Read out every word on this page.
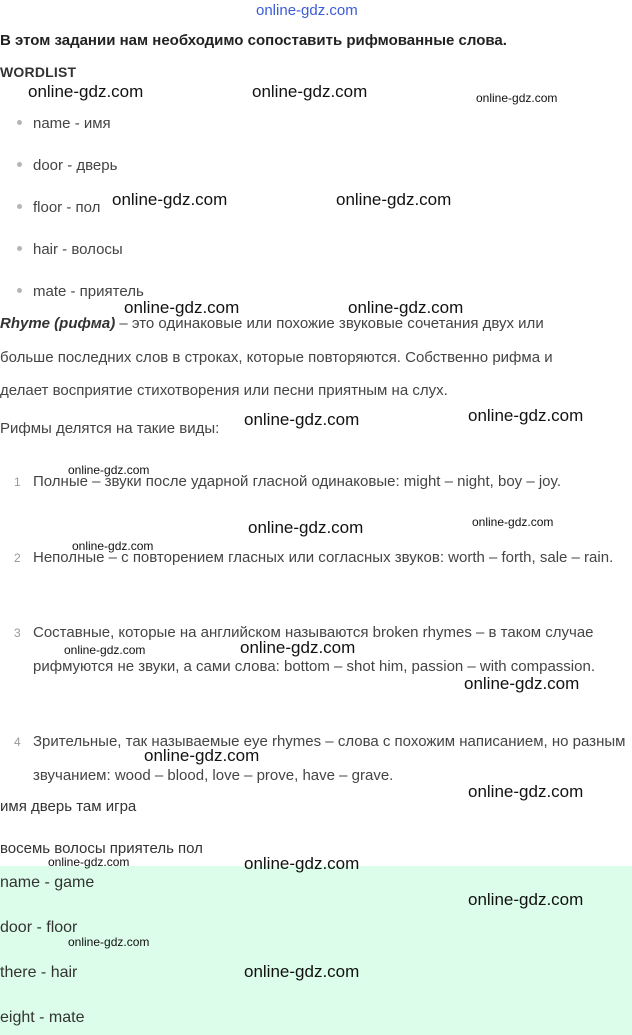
online-gdz.com
В этом задании нам необходимо сопоставить рифмованные слова.
WORDLIST
name - имя
door - дверь
floor - пол
hair - волосы
mate - приятель
Rhyme (рифма) – это одинаковые или похожие звуковые сочетания двух или
больше последних слов в строках, которые повторяются. Собственно рифма и
делает восприятие стихотворения или песни приятным на слух.
Рифмы делятся на такие виды:
1 Полные – звуки после ударной гласной одинаковые: might – night, boy – joy.
2 Неполные – с повторением гласных или согласных звуков: worth – forth, sale – rain.
3 Составные, которые на английском называются broken rhymes – в таком случае рифмуются не звуки, а сами слова: bottom – shot him, passion – with compassion.
4 Зрительные, так называемые eye rhymes – слова с похожим написанием, но разным звучанием: wood – blood, love – prove, have – grave.
имя дверь там игра
восемь волосы приятель пол
name - game
door - floor
there - hair
eight - mate
online-gdz.com	online-gdz.com	online-gdz.com
online-gdz.com	online-gdz.com
online-gdz.com	online-gdz.com
online-gdz.com	online-gdz.com
online-gdz.com
online-gdz.com	online-gdz.com
online-gdz.com
online-gdz.com
online-gdz.com
online-gdz.com
online-gdz.com
online-gdz.com
online-gdz.com	online-gdz.com
online-gdz.com
online-gdz.com
online-gdz.com
